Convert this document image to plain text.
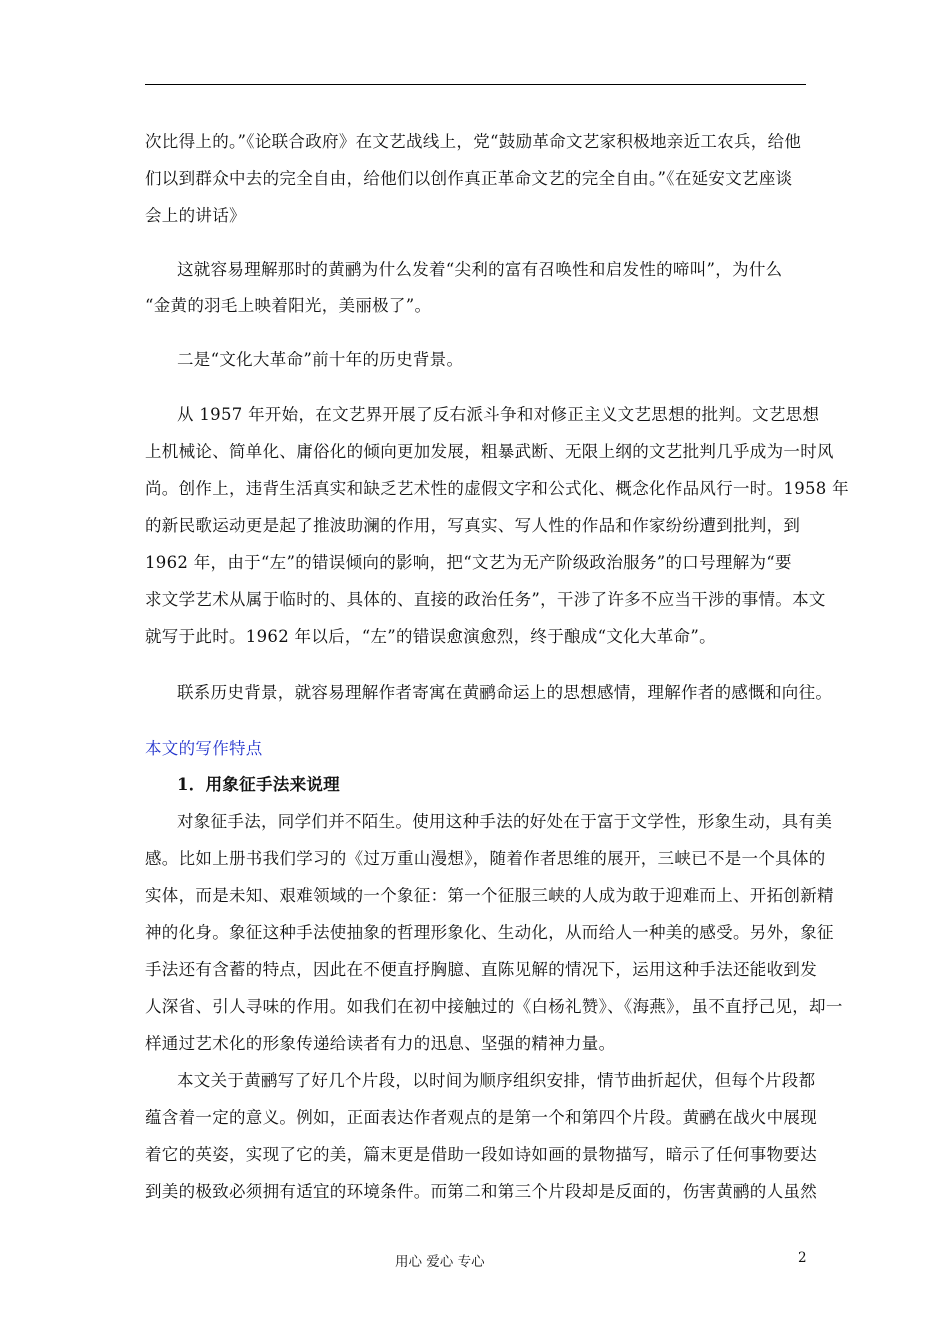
次比得上的。”《论联合政府》在文艺战线上，党“鼓励革命文艺家积极地亲近工农兵，给他
们以到群众中去的完全自由，给他们以创作真正革命文艺的完全自由。”《在延安文艺座谈
会上的讲话》
这就容易理解那时的黄鹂为什么发着“尖利的富有召唤性和启发性的啼叫”，为什么
“金黄的羽毛上映着阳光，美丽极了”。
二是“文化大革命”前十年的历史背景。
从 1957 年开始，在文艺界开展了反右派斗争和对修正主义文艺思想的批判。文艺思想
上机械论、简单化、庸俗化的倾向更加发展，粗暴武断、无限上纲的文艺批判几乎成为一时风
尚。创作上，违背生活真实和缺乏艺术性的虚假文字和公式化、概念化作品风行一时。1958 年
的新民歌运动更是起了推波助澜的作用，写真实、写人性的作品和作家纷纷遭到批判，到
1962 年，由于“左”的错误倾向的影响，把“文艺为无产阶级政治服务”的口号理解为“要
求文学艺术从属于临时的、具体的、直接的政治任务”，干涉了许多不应当干涉的事情。本文
就写于此时。1962 年以后，“左”的错误愈演愈烈，终于酿成“文化大革命”。
联系历史背景，就容易理解作者寄寓在黄鹂命运上的思想感情，理解作者的感慨和向往。
本文的写作特点
1．用象征手法来说理
对象征手法，同学们并不陌生。使用这种手法的好处在于富于文学性，形象生动，具有美
感。比如上册书我们学习的《过万重山漫想》，随着作者思维的展开，三峡已不是一个具体的
实体，而是未知、艰难领域的一个象征：第一个征服三峡的人成为敢于迎难而上、开拓创新精
神的化身。象征这种手法使抽象的哲理形象化、生动化，从而给人一种美的感受。另外，象征
手法还有含蓄的特点，因此在不便直抒胸臆、直陈见解的情况下，运用这种手法还能收到发
人深省、引人寻味的作用。如我们在初中接触过的《白杨礼赞》、《海燕》，虽不直抒己见，却一
样通过艺术化的形象传递给读者有力的迅息、坚强的精神力量。
本文关于黄鹂写了好几个片段，以时间为顺序组织安排，情节曲折起伏，但每个片段都
蕴含着一定的意义。例如，正面表达作者观点的是第一个和第四个片段。黄鹂在战火中展现
着它的英姿，实现了它的美，篇末更是借助一段如诗如画的景物描写，暗示了任何事物要达
到美的极致必须拥有适宜的环境条件。而第二和第三个片段却是反面的，伤害黄鹂的人虽然
用心 爱心 专心	2
